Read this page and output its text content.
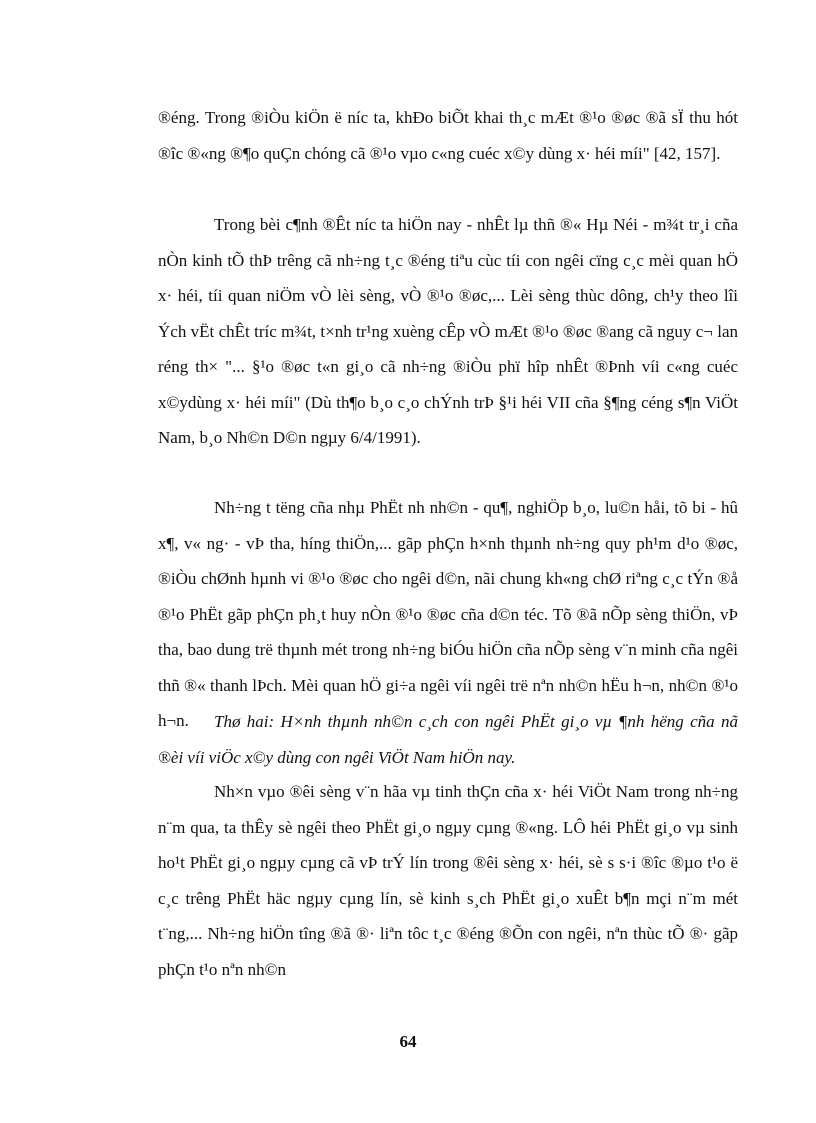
®éng. Trong ®iÒu kiÖn ë níc ta, khÐo biÕt khai th¸c mÆt ®¹o ®øc ®ã sÏ thu hót ®îc ®«ng ®¶o quÇn chóng cã ®¹o vµo c«ng cuéc x©y dùng x· héi míi" [42, 157].

Trong bèi c¶nh ®Êt níc ta hiÖn nay - nhÊt lµ thñ ®« Hµ Néi - m¾t tr¸i cña nÒn kinh tÕ thÞ trêng cã nh÷ng t¸c ®éng tiªu cùc tíi con ngêi cïng c¸c mèi quan hÖ x· héi, tíi quan niÖm vÒ lèi sèng, vÒ ®¹o ®øc,... Lèi sèng thùc dông, ch¹y theo lîi Ých vËt chÊt tríc m¾t, t×nh tr¹ng xuèng cÊp vÒ mÆt ®¹o ®øc ®ang cã nguy c¬ lan réng th× "... §¹o ®øc t«n gi¸o cã nh÷ng ®iÒu phï hîp nhÊt ®Þnh víi c«ng cuéc x©ydùng x· héi míi" (Dù th¶o b¸o c¸o chÝnh trÞ §¹i héi VII cña §¶ng céng s¶n ViÖt Nam, b¸o Nh©n D©n ngµy 6/4/1991).

Nh÷ng t tëng cña nhµ PhËt nh nh©n - qu¶, nghiÖp b¸o, lu©n håi, tõ bi - hû x¶, v« ng· - vÞ tha, híng thiÖn,... gãp phÇn h×nh thµnh nh÷ng quy ph¹m d¹o ®øc, ®iÒu chØnh hµnh vi ®¹o ®øc cho ngêi d©n, nãi chung kh«ng chØ riªng c¸c tÝn ®å ®¹o PhËt gãp phÇn ph¸t huy nÒn ®¹o ®øc cña d©n téc. Tõ ®ã nÕp sèng thiÖn, vÞ tha, bao dung trë thµnh mét trong nh÷ng biÓu hiÖn cña nÕp sèng v¨n minh cña ngêi thñ ®« thanh lÞch. Mèi quan hÖ gi÷a ngêi víi ngêi trë nªn nh©n hËu h¬n, nh©n ®¹o h¬n.	Thø hai: H×nh thµnh nh©n c¸ch con ngêi PhËt gi¸o vµ ¶nh hëng cña nã ®èi víi viÖc x©y dùng con ngêi ViÖt Nam hiÖn nay.

Nh×n vµo ®êi sèng v¨n hãa vµ tinh thÇn cña x· héi ViÖt Nam trong nh÷ng n¨m qua, ta thÊy sè ngêi theo PhËt gi¸o ngµy cµng ®«ng. LÔ héi PhËt gi¸o vµ sinh ho¹t PhËt gi¸o ngµy cµng cã vÞ trÝ lín trong ®êi sèng x· héi, sè s s·i ®îc ®µo t¹o ë c¸c trêng PhËt häc ngµy cµng lín, sè kinh s¸ch PhËt gi¸o xuÊt b¶n mçi n¨m mét t¨ng,... Nh÷ng hiÖn tîng ®ã ®· liªn tôc t¸c ®éng ®Õn con ngêi, nªn thùc tÕ ®· gãp phÇn t¹o nªn nh©n

64
